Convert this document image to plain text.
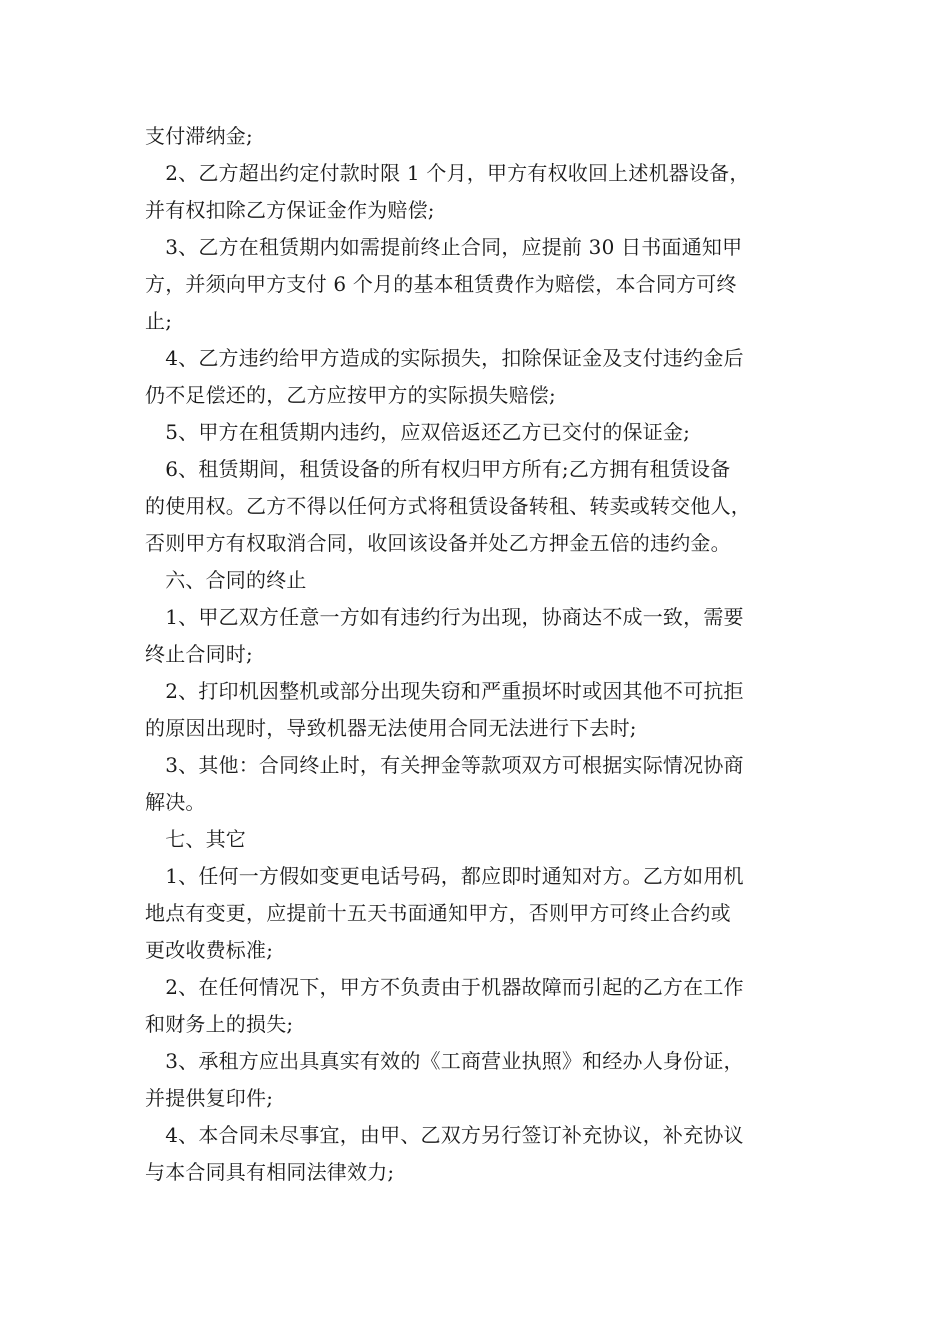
支付滞纳金;
　2、乙方超出约定付款时限 1 个月，甲方有权收回上述机器设备，
并有权扣除乙方保证金作为赔偿;
　3、乙方在租赁期内如需提前终止合同，应提前 30 日书面通知甲
方，并须向甲方支付 6 个月的基本租赁费作为赔偿，本合同方可终
止;
　4、乙方违约给甲方造成的实际损失，扣除保证金及支付违约金后
仍不足偿还的，乙方应按甲方的实际损失赔偿;
　5、甲方在租赁期内违约，应双倍返还乙方已交付的保证金;
　6、租赁期间，租赁设备的所有权归甲方所有;乙方拥有租赁设备
的使用权。乙方不得以任何方式将租赁设备转租、转卖或转交他人，
否则甲方有权取消合同，收回该设备并处乙方押金五倍的违约金。
　六、合同的终止
　1、甲乙双方任意一方如有违约行为出现，协商达不成一致，需要
终止合同时;
　2、打印机因整机或部分出现失窃和严重损坏时或因其他不可抗拒
的原因出现时，导致机器无法使用合同无法进行下去时;
　3、其他：合同终止时，有关押金等款项双方可根据实际情况协商
解决。
　七、其它
　1、任何一方假如变更电话号码，都应即时通知对方。乙方如用机
地点有变更，应提前十五天书面通知甲方，否则甲方可终止合约或
更改收费标准;
　2、在任何情况下，甲方不负责由于机器故障而引起的乙方在工作
和财务上的损失;
　3、承租方应出具真实有效的《工商营业执照》和经办人身份证，
并提供复印件;
　4、本合同未尽事宜，由甲、乙双方另行签订补充协议，补充协议
与本合同具有相同法律效力;
